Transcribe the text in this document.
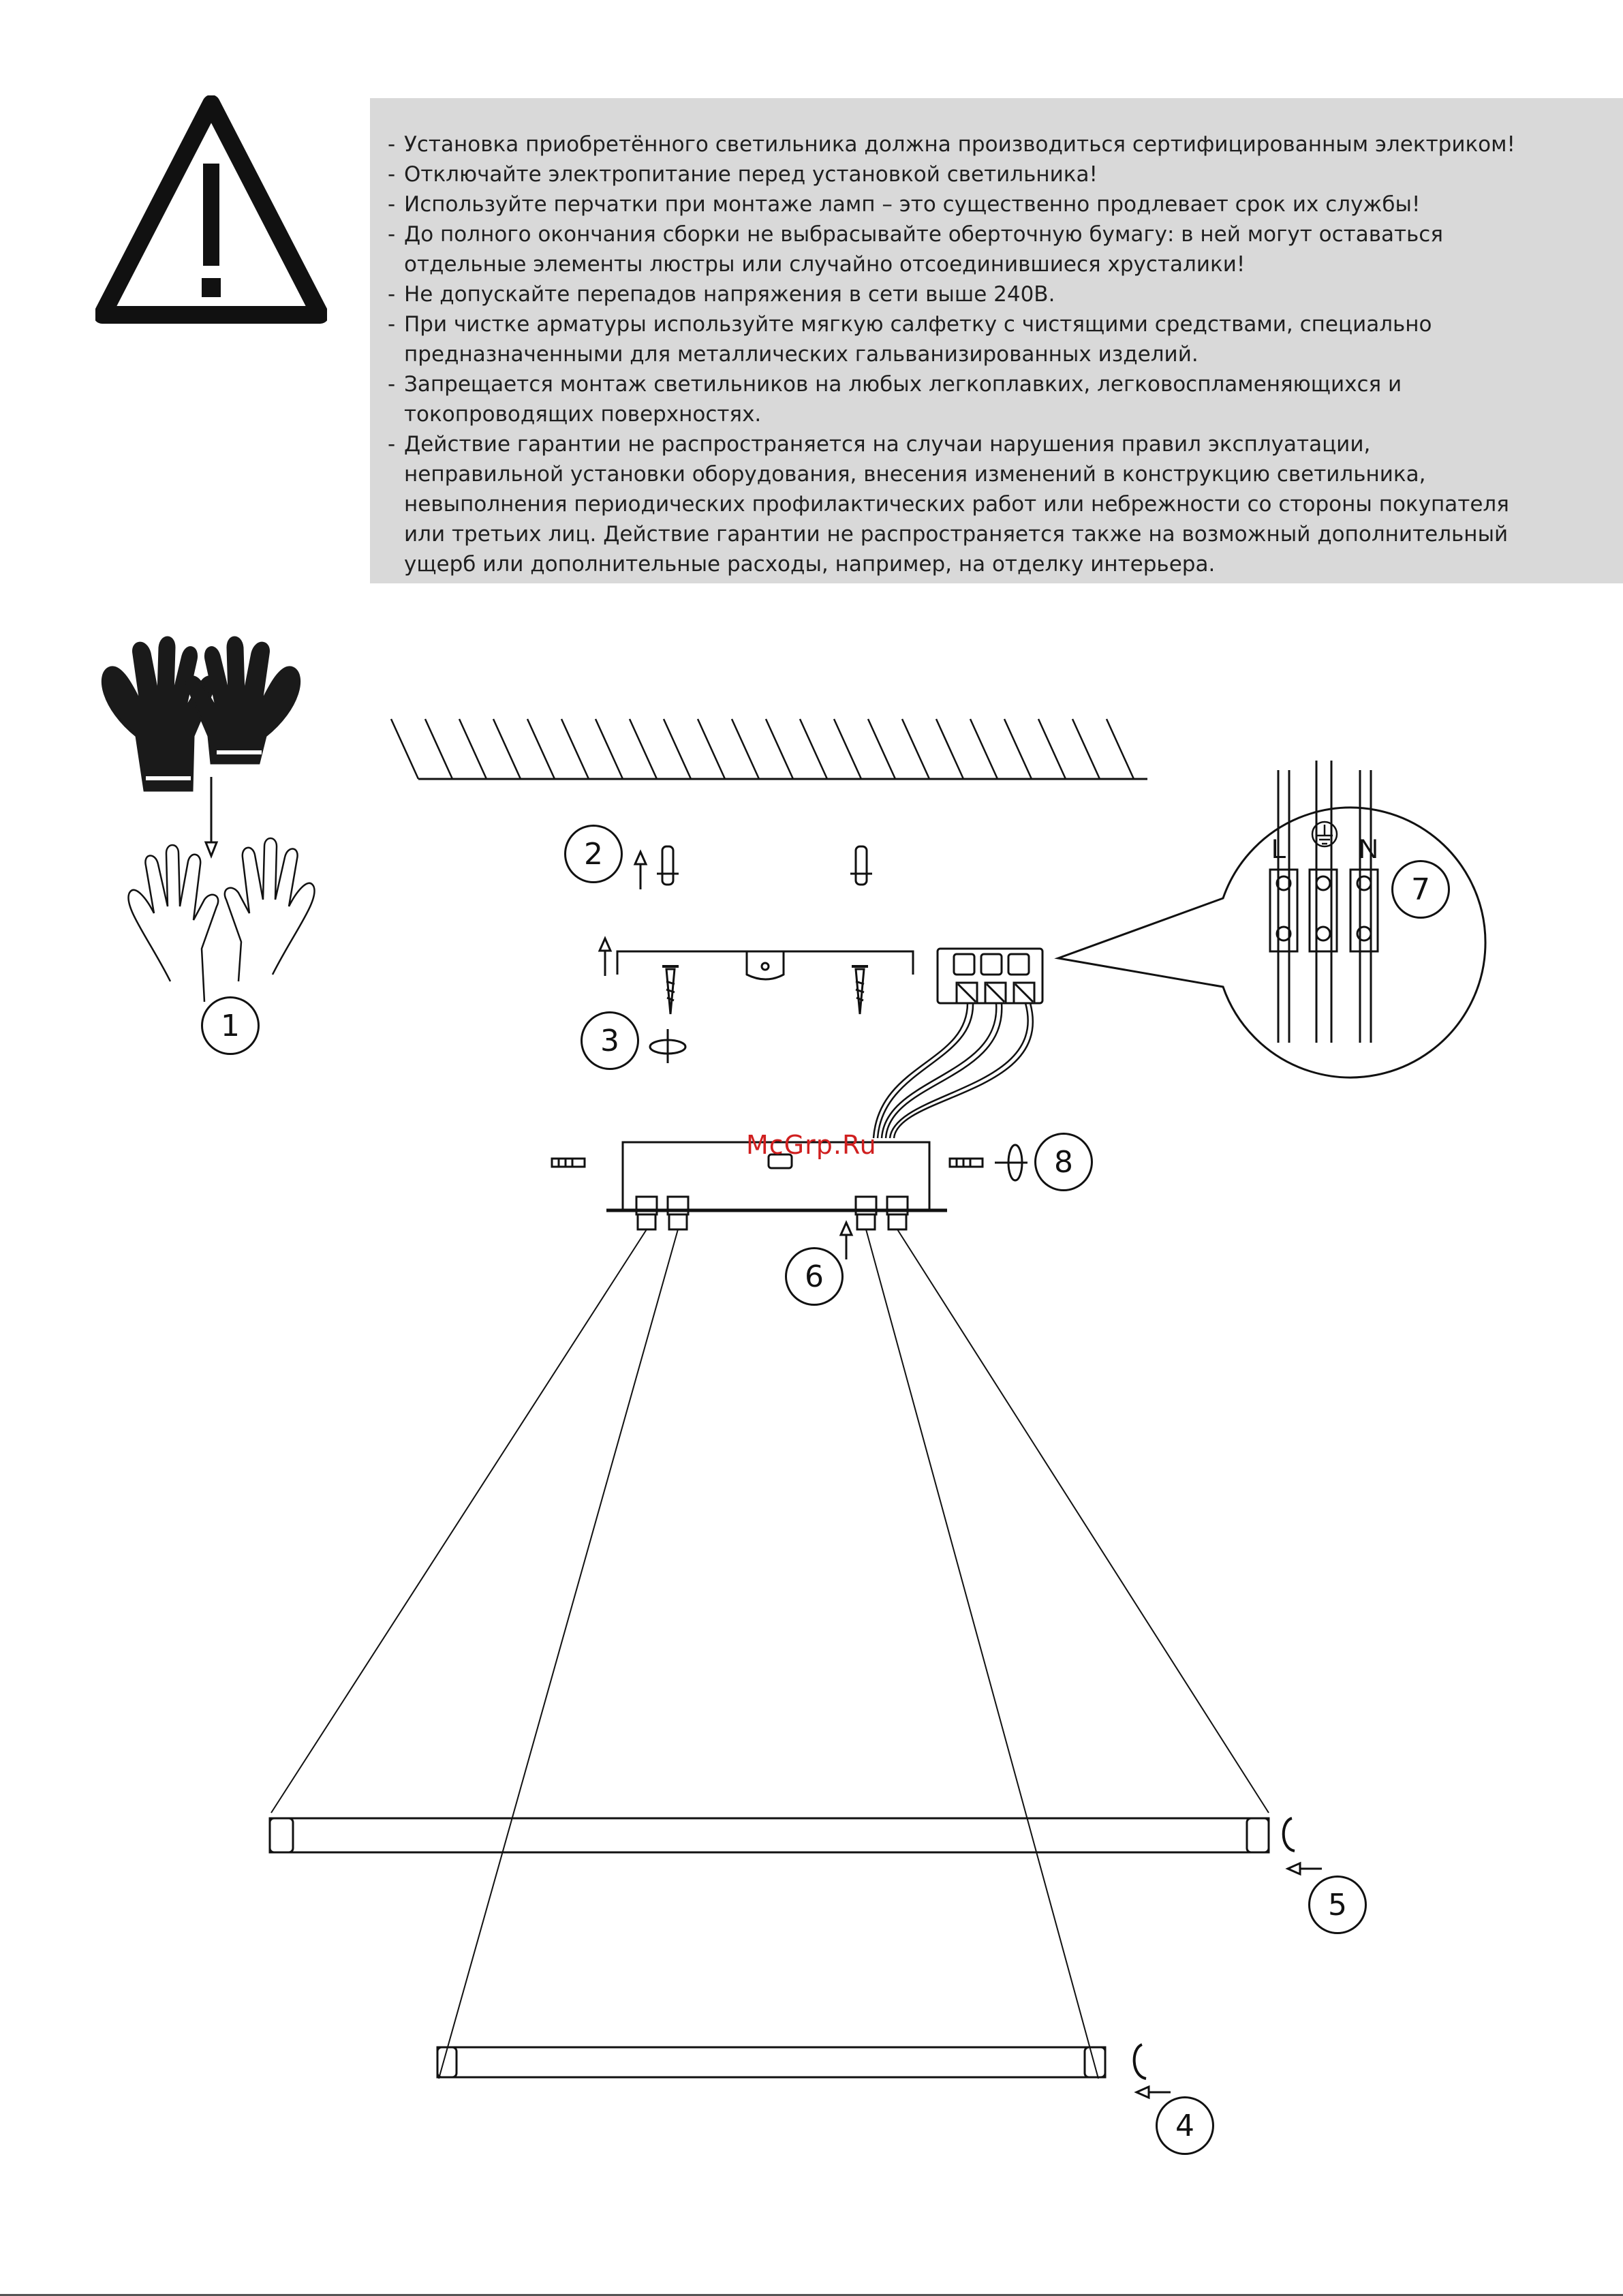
- Установка приобретённого светильника должна производиться сертифицированным электриком!
- Отключайте электропитание перед установкой светильника!
- Используйте перчатки при монтаже ламп – это существенно продлевает срок их службы!
- До полного окончания сборки не выбрасывайте оберточную бумагу: в ней могут оставаться
отдельные элементы люстры или случайно отсоединившиеся хрусталики!
- Не допускайте перепадов напряжения в сети выше 240В.
- При чистке арматуры используйте мягкую салфетку с чистящими средствами, специально
предназначенными для металлических гальванизированных изделий.
- Запрещается монтаж светильников на любых легкоплавких, легковоспламеняющихся и
токопроводящих поверхностях.
- Действие гарантии не распространяется на случаи нарушения правил эксплуатации,
неправильной установки оборудования, внесения изменений в конструкцию светильника,
невыполнения периодических профилактических работ или небрежности со стороны покупателя
или третьих лиц. Действие гарантии не распространяется также на возможный дополнительный
ущерб или дополнительные расходы, например, на отделку интерьера.
L	N
McGrp.Ru
1
2
3
4
5
6
7
8
